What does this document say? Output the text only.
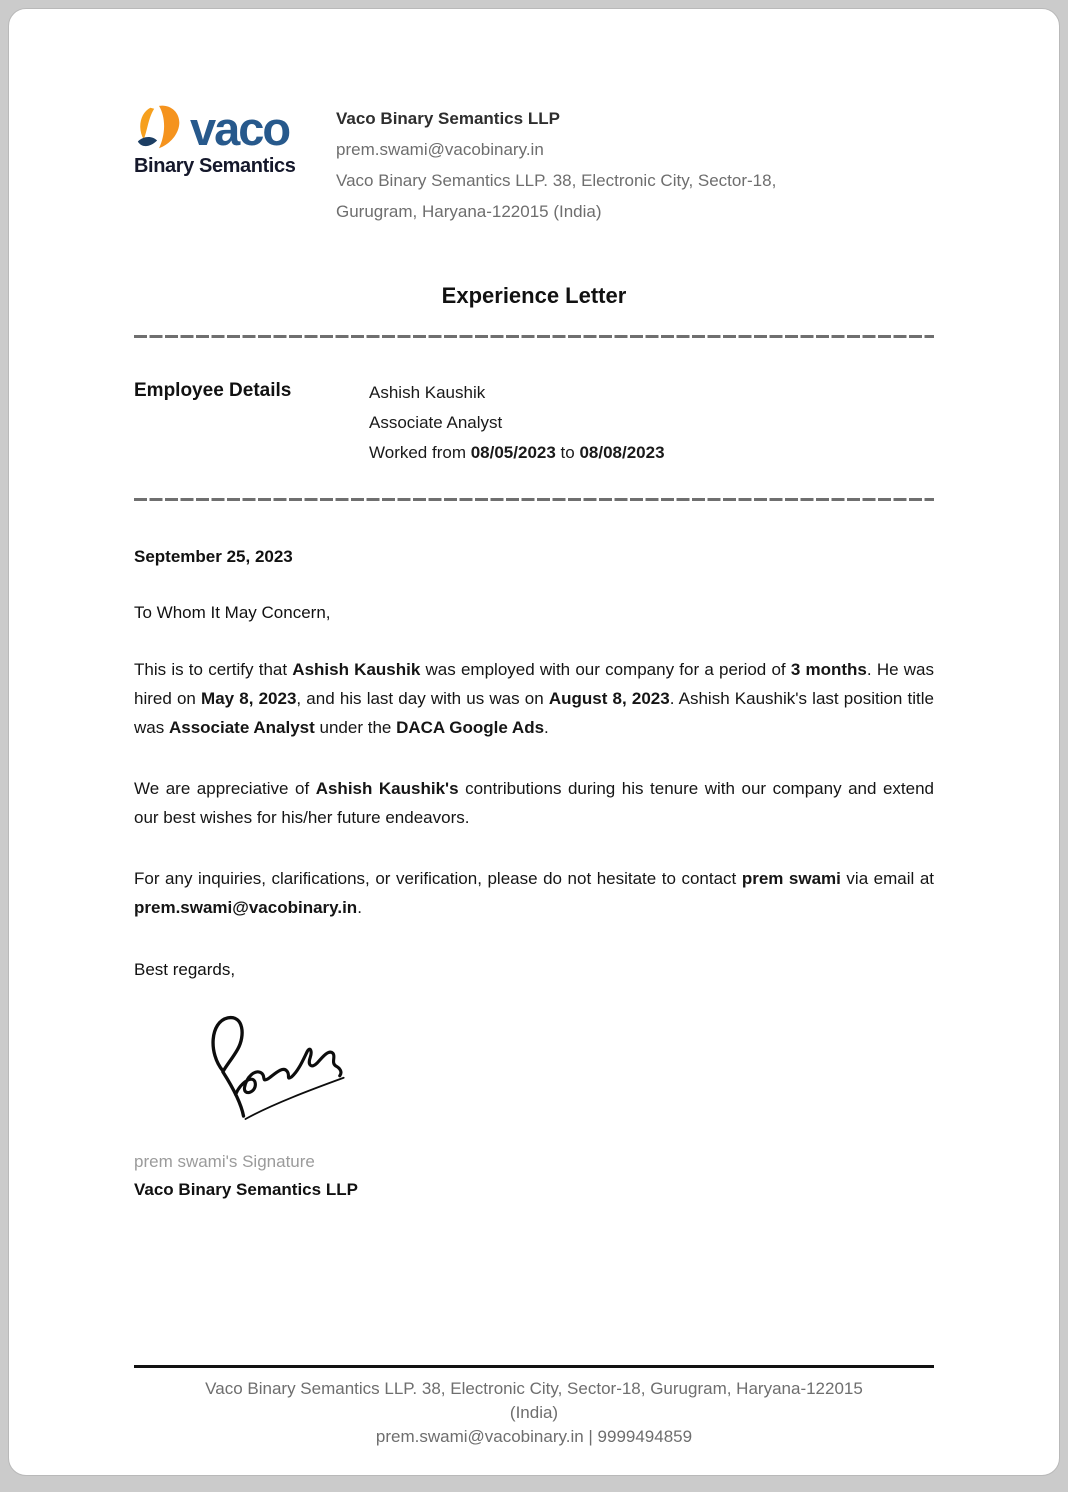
vaco
Binary Semantics
Vaco Binary Semantics LLP
prem.swami@vacobinary.in
Vaco Binary Semantics LLP. 38, Electronic City, Sector-18,
Gurugram, Haryana-122015 (India)
Experience Letter
Employee Details	Ashish Kaushik
Associate Analyst
Worked from 08/05/2023 to 08/08/2023
September 25, 2023
To Whom It May Concern,
This is to certify that Ashish Kaushik was employed with our company for a period of 3 months. He was hired on May 8, 2023, and his last day with us was on August 8, 2023. Ashish Kaushik's last position title was Associate Analyst under the DACA Google Ads.
We are appreciative of Ashish Kaushik's contributions during his tenure with our company and extend our best wishes for his/her future endeavors.
For any inquiries, clarifications, or verification, please do not hesitate to contact prem swami via email at prem.swami@vacobinary.in.
Best regards,
prem swami's Signature
Vaco Binary Semantics LLP
Vaco Binary Semantics LLP. 38, Electronic City, Sector-18, Gurugram, Haryana-122015
(India)
prem.swami@vacobinary.in | 9999494859
